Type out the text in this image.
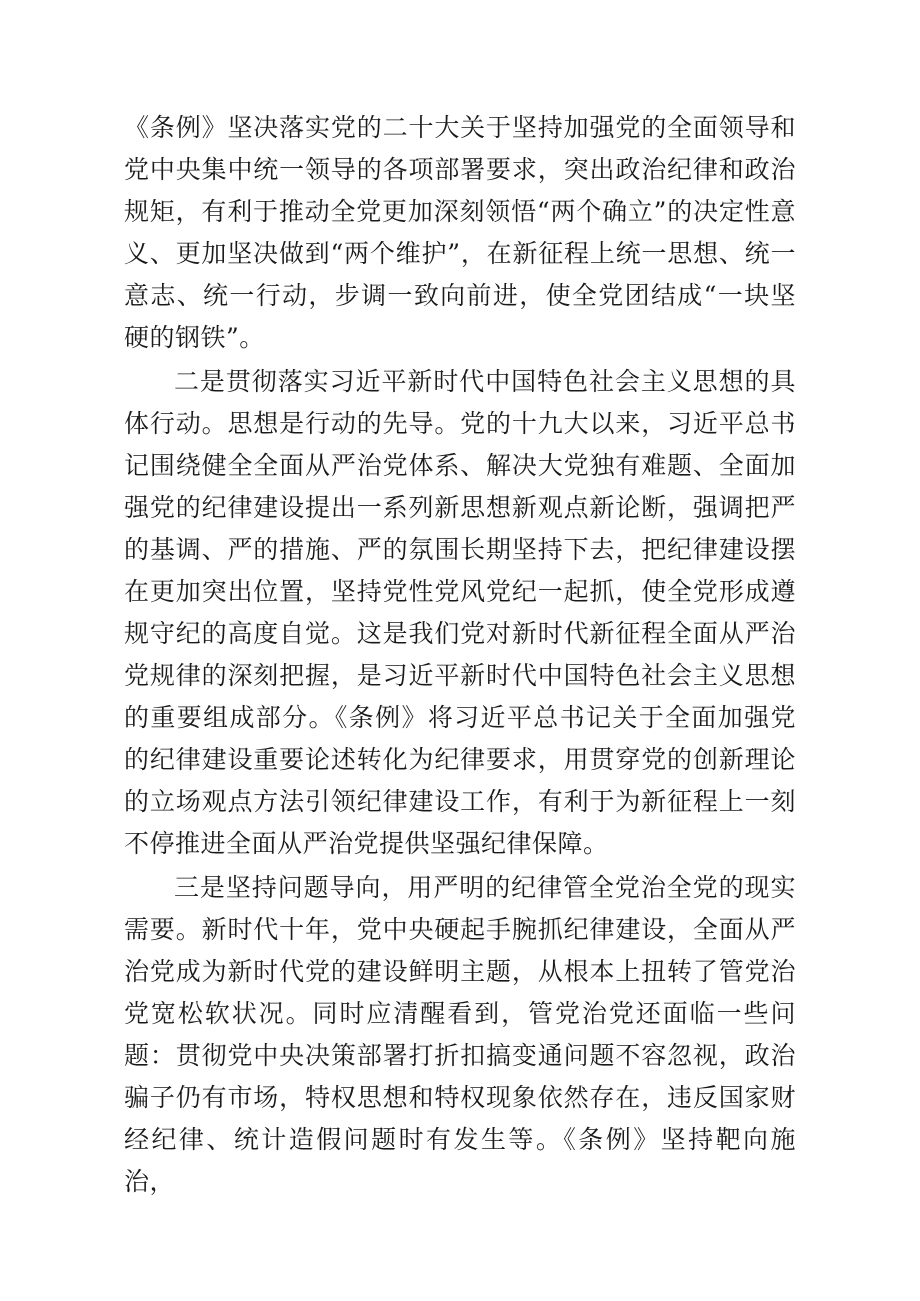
《条例》坚决落实党的二十大关于坚持加强党的全面领导和党中央集中统一领导的各项部署要求，突出政治纪律和政治规矩，有利于推动全党更加深刻领悟“两个确立”的决定性意义、更加坚决做到“两个维护”，在新征程上统一思想、统一意志、统一行动，步调一致向前进，使全党团结成“一块坚硬的钢铁”。

二是贯彻落实习近平新时代中国特色社会主义思想的具体行动。思想是行动的先导。党的十九大以来，习近平总书记围绕健全全面从严治党体系、解决大党独有难题、全面加强党的纪律建设提出一系列新思想新观点新论断，强调把严的基调、严的措施、严的氛围长期坚持下去，把纪律建设摆在更加突出位置，坚持党性党风党纪一起抓，使全党形成遵规守纪的高度自觉。这是我们党对新时代新征程全面从严治党规律的深刻把握，是习近平新时代中国特色社会主义思想的重要组成部分。《条例》将习近平总书记关于全面加强党的纪律建设重要论述转化为纪律要求，用贯穿党的创新理论的立场观点方法引领纪律建设工作，有利于为新征程上一刻不停推进全面从严治党提供坚强纪律保障。

三是坚持问题导向，用严明的纪律管全党治全党的现实需要。新时代十年，党中央硬起手腕抓纪律建设，全面从严治党成为新时代党的建设鲜明主题，从根本上扭转了管党治党宽松软状况。同时应清醒看到，管党治党还面临一些问题：贯彻党中央决策部署打折扣搞变通问题不容忽视，政治骗子仍有市场，特权思想和特权现象依然存在，违反国家财经纪律、统计造假问题时有发生等。《条例》坚持靶向施治，
